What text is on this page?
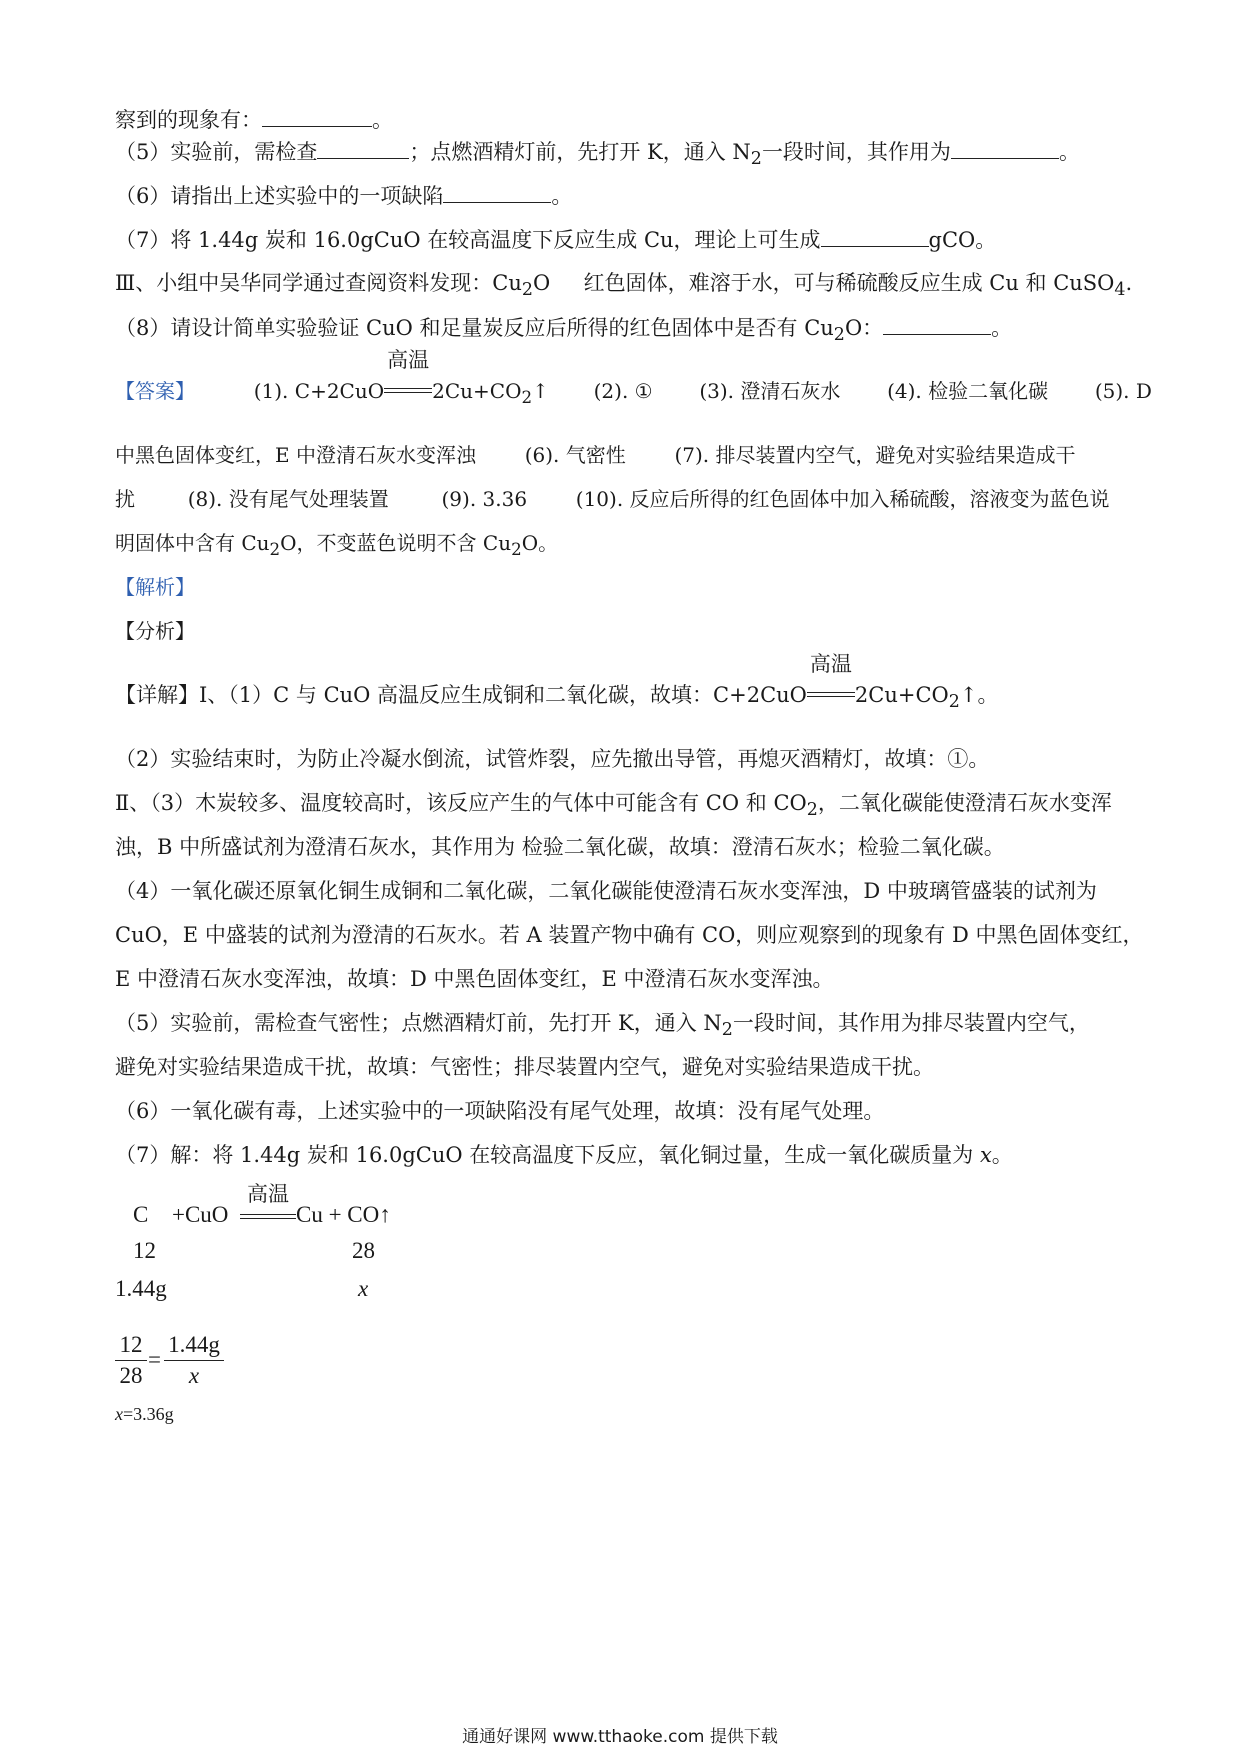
察到的现象有：	。
（5）实验前，需检查	；点燃酒精灯前，先打开 K，通入 $N_2$一段时间，其作用为	。
（6）请指出上述实验中的一项缺陷	。
（7）将 1.44g 炭和 16.0gCuO 在较高温度下反应生成 Cu，理论上可生成	gCO。
Ⅲ、小组中吴华同学通过查阅资料发现：$Cu_2O$     红色固体，难溶于水，可与稀硫酸反应生成 Cu 和 CuSO$_4$.
（8）请设计简单实验验证 CuO 和足量炭反应后所得的红色固体中是否有 $Cu_2O$：	。
【答案】	(1). C+2CuO
高温
$2Cu+CO_2↑$ (2). ① (3). 澄清石灰水 (4). 检验二氧化碳 (5). D
中黑色固体变红，E 中澄清石灰水变浑浊 (6). 气密性 (7). 排尽装置内空气，避免对实验结果造成干
扰	(8). 没有尾气处理装置	(9). 3.36 (10). 反应后所得的红色固体中加入稀硫酸，溶液变为蓝色说
明固体中含有 $Cu_2O$，不变蓝色说明不含 $Cu_2O$。
【解析】
【分析】
【详解】Ⅰ、（1）C 与 CuO 高温反应生成铜和二氧化碳，故填：C+2CuO
高温
$2Cu+CO_2↑$。
（2）实验结束时，为防止冷凝水倒流，试管炸裂，应先撤出导管，再熄灭酒精灯，故填：①。
Ⅱ、（3）木炭较多、温度较高时，该反应产生的气体中可能含有 CO 和 $CO_2$，二氧化碳能使澄清石灰水变浑
浊，B 中所盛试剂为澄清石灰水，其作用为 检验二氧化碳，故填：澄清石灰水；检验二氧化碳。
（4）一氧化碳还原氧化铜生成铜和二氧化碳，二氧化碳能使澄清石灰水变浑浊，D 中玻璃管盛装的试剂为
CuO，E 中盛装的试剂为澄清的石灰水。若 A 装置产物中确有 CO，则应观察到的现象有 D 中黑色固体变红，
E 中澄清石灰水变浑浊，故填：D 中黑色固体变红，E 中澄清石灰水变浑浊。
（5）实验前，需检查气密性；点燃酒精灯前，先打开 K，通入 $N_2$一段时间，其作用为排尽装置内空气，
避免对实验结果造成干扰，故填：气密性；排尽装置内空气，避免对实验结果造成干扰。
（6）一氧化碳有毒，上述实验中的一项缺陷没有尾气处理，故填：没有尾气处理。
（7）解：将 1.44g 炭和 16.0gCuO 在较高温度下反应，氧化铜过量，生成一氧化碳质量为 x。
C +CuO
高温
Cu + CO↑
12	28
1.44g	x
$\frac{12}{28} = \frac{1.44g}{x}$
x=3.36g
通通好课网 www.tthaoke.com 提供下载
